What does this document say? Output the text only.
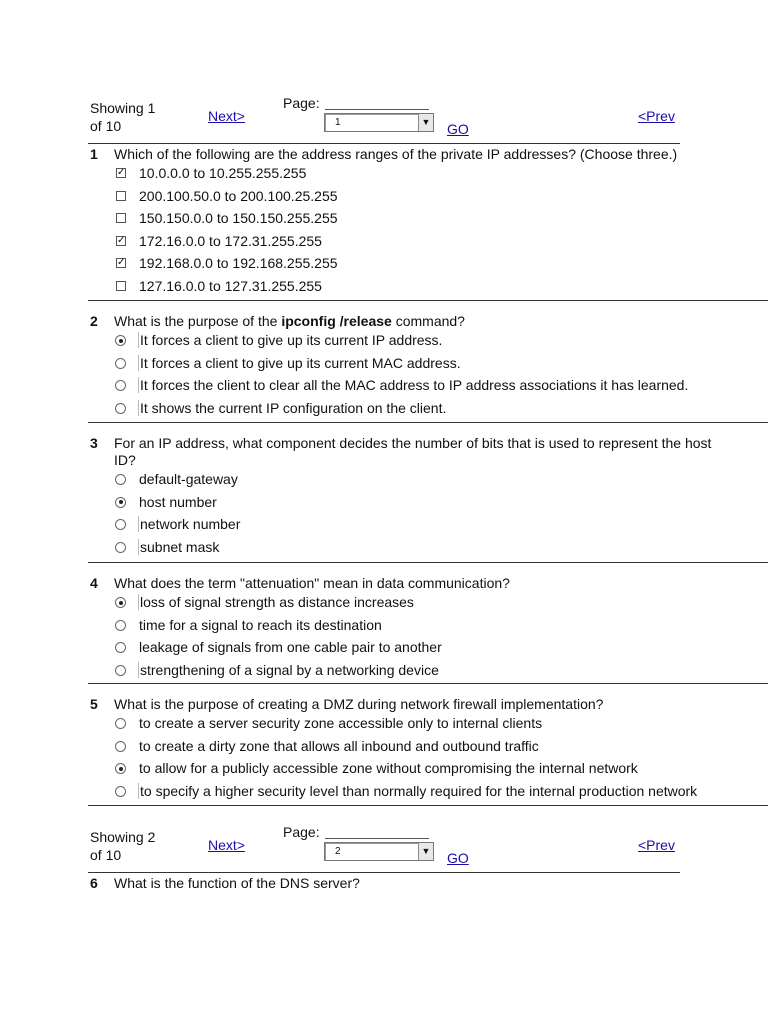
Showing 1
of 10
Next>
Page:
1	▼ GO
<Prev
1 Which of the following are the address ranges of the private IP addresses? (Choose three.)
✓ 10.0.0.0 to 10.255.255.255
200.100.50.0 to 200.100.25.255
150.150.0.0 to 150.150.255.255
✓ 172.16.0.0 to 172.31.255.255
✓ 192.168.0.0 to 192.168.255.255
127.16.0.0 to 127.31.255.255
2 What is the purpose of the ipconfig /release command?
It forces a client to give up its current IP address.
It forces a client to give up its current MAC address.
It forces the client to clear all the MAC address to IP address associations it has learned.
It shows the current IP configuration on the client.
3 For an IP address, what component decides the number of bits that is used to represent the host ID?
default-gateway
host number
network number
subnet mask
4 What does the term "attenuation" mean in data communication?
loss of signal strength as distance increases
time for a signal to reach its destination
leakage of signals from one cable pair to another
strengthening of a signal by a networking device
5 What is the purpose of creating a DMZ during network firewall implementation?
to create a server security zone accessible only to internal clients
to create a dirty zone that allows all inbound and outbound traffic
to allow for a publicly accessible zone without compromising the internal network
to specify a higher security level than normally required for the internal production network
Showing 2
of 10
Next>
Page:
2	▼ GO
<Prev
6 What is the function of the DNS server?
